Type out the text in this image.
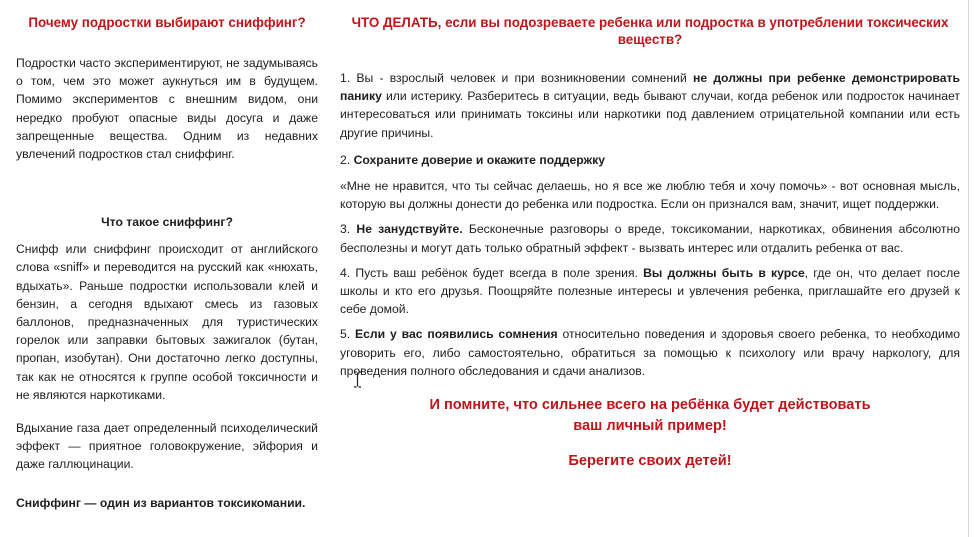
Почему подростки выбирают сниффинг?

Подростки часто экспериментируют, не задумываясь о том, чем это может аукнуться им в будущем. Помимо экспериментов с внешним видом, они нередко пробуют опасные виды досуга и даже запрещенные вещества. Одним из недавних увлечений подростков стал сниффинг.

Что такое сниффинг?

Снифф или сниффинг происходит от английского слова «sniff» и переводится на русский как «нюхать, вдыхать». Раньше подростки использовали клей и бензин, а сегодня вдыхают смесь из газовых баллонов, предназначенных для туристических горелок или заправки бытовых зажигалок (бутан, пропан, изобутан). Они достаточно легко доступны, так как не относятся к группе особой токсичности и не являются наркотиками.

Вдыхание газа дает определенный психоделический эффект — приятное головокружение, эйфория и даже галлюцинации.

Сниффинг — один из вариантов токсикомании.

ЧТО ДЕЛАТЬ, если вы подозреваете ребенка или подростка в употреблении токсических веществ?

1. Вы - взрослый человек и при возникновении сомнений не должны при ребенке демонстрировать панику или истерику. Разберитесь в ситуации, ведь бывают случаи, когда ребенок или подросток начинает интересоваться или принимать токсины или наркотики под давлением отрицательной компании или есть другие причины.

2. Сохраните доверие и окажите поддержку

«Мне не нравится, что ты сейчас делаешь, но я все же люблю тебя и хочу помочь» - вот основная мысль, которую вы должны донести до ребенка или подростка. Если он признался вам, значит, ищет поддержки.

3. Не занудствуйте. Бесконечные разговоры о вреде, токсикомании, наркотиках, обвинения абсолютно бесполезны и могут дать только обратный эффект - вызвать интерес или отдалить ребенка от вас.

4. Пусть ваш ребёнок будет всегда в поле зрения. Вы должны быть в курсе, где он, что делает после школы и кто его друзья. Поощряйте полезные интересы и увлечения ребенка, приглашайте его друзей к себе домой.

5. Если у вас появились сомнения относительно поведения и здоровья своего ребенка, то необходимо уговорить его, либо самостоятельно, обратиться за помощью к психологу или врачу наркологу, для проведения полного обследования и сдачи анализов.

И помните, что сильнее всего на ребёнка будет действовать

ваш личный пример!

Берегите своих детей!
